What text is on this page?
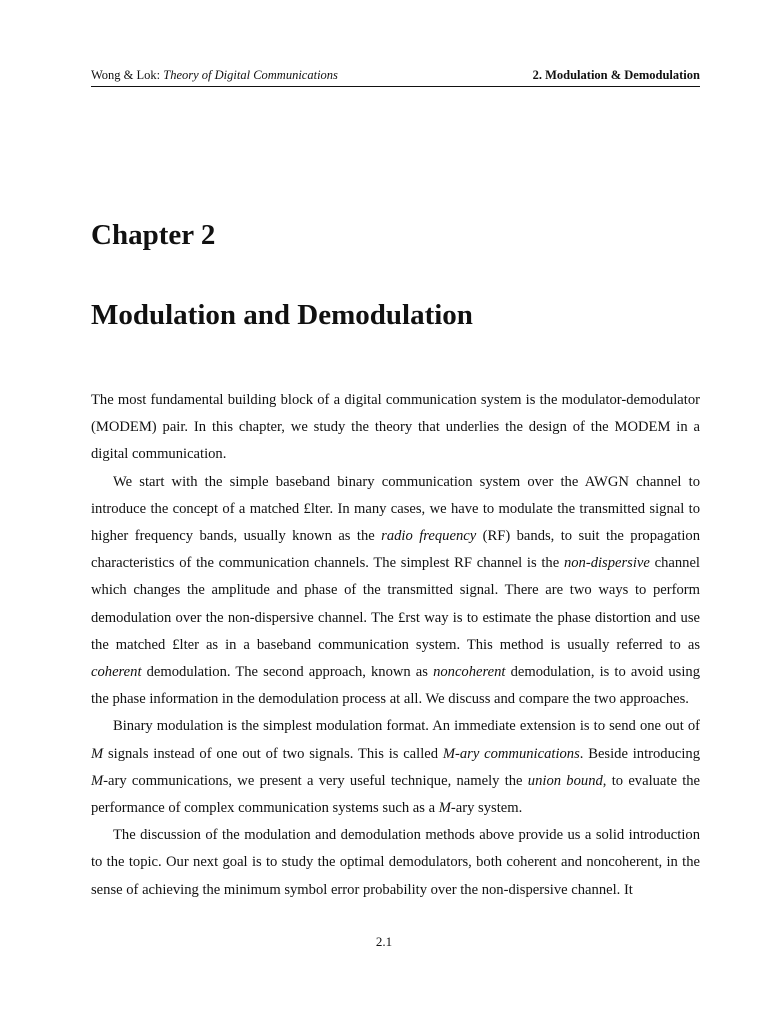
Wong & Lok: Theory of Digital Communications	2. Modulation & Demodulation
Chapter 2
Modulation and Demodulation

The most fundamental building block of a digital communication system is the modulator-demodulator (MODEM) pair. In this chapter, we study the theory that underlies the design of the MODEM in a digital communication.

We start with the simple baseband binary communication system over the AWGN channel to introduce the concept of a matched £lter. In many cases, we have to modulate the transmitted signal to higher frequency bands, usually known as the radio frequency (RF) bands, to suit the propagation characteristics of the communication channels. The simplest RF channel is the non-dispersive channel which changes the amplitude and phase of the transmitted signal. There are two ways to perform demodulation over the non-dispersive channel. The £rst way is to estimate the phase distortion and use the matched £lter as in a baseband communication system. This method is usually referred to as coherent demodulation. The second approach, known as noncoherent demodulation, is to avoid using the phase information in the demodulation process at all. We discuss and compare the two approaches.

Binary modulation is the simplest modulation format. An immediate extension is to send one out of M signals instead of one out of two signals. This is called M-ary communications. Beside introducing M-ary communications, we present a very useful technique, namely the union bound, to evaluate the performance of complex communication systems such as a M-ary system.

The discussion of the modulation and demodulation methods above provide us a solid introduction to the topic. Our next goal is to study the optimal demodulators, both coherent and noncoherent, in the sense of achieving the minimum symbol error probability over the non-dispersive channel. It

2.1
